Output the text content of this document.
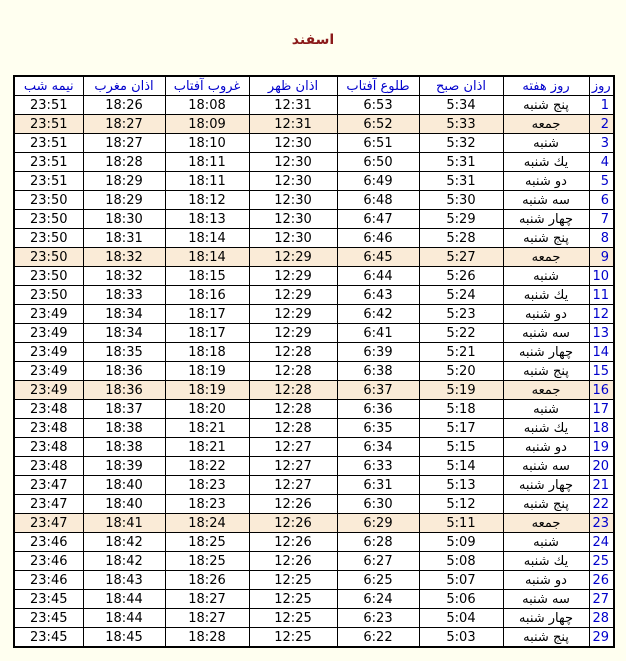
اسفند
روز	روز هفته	اذان صبح	طلوع آفتاب	اذان ظهر	غروب آفتاب	اذان مغرب	نیمه شب
1	پنج شنبه	5:34	6:53	12:31	18:08	18:26	23:51
2	جمعه	5:33	6:52	12:31	18:09	18:27	23:51
3	شنبه	5:32	6:51	12:30	18:10	18:27	23:51
4	يك شنبه	5:31	6:50	12:30	18:11	18:28	23:51
5	دو شنبه	5:31	6:49	12:30	18:11	18:29	23:51
6	سه شنبه	5:30	6:48	12:30	18:12	18:29	23:50
7	چهار شنبه	5:29	6:47	12:30	18:13	18:30	23:50
8	پنج شنبه	5:28	6:46	12:30	18:14	18:31	23:50
9	جمعه	5:27	6:45	12:29	18:14	18:32	23:50
10	شنبه	5:26	6:44	12:29	18:15	18:32	23:50
11	يك شنبه	5:24	6:43	12:29	18:16	18:33	23:50
12	دو شنبه	5:23	6:42	12:29	18:17	18:34	23:49
13	سه شنبه	5:22	6:41	12:29	18:17	18:34	23:49
14	چهار شنبه	5:21	6:39	12:28	18:18	18:35	23:49
15	پنج شنبه	5:20	6:38	12:28	18:19	18:36	23:49
16	جمعه	5:19	6:37	12:28	18:19	18:36	23:49
17	شنبه	5:18	6:36	12:28	18:20	18:37	23:48
18	يك شنبه	5:17	6:35	12:28	18:21	18:38	23:48
19	دو شنبه	5:15	6:34	12:27	18:21	18:38	23:48
20	سه شنبه	5:14	6:33	12:27	18:22	18:39	23:48
21	چهار شنبه	5:13	6:31	12:27	18:23	18:40	23:47
22	پنج شنبه	5:12	6:30	12:26	18:23	18:40	23:47
23	جمعه	5:11	6:29	12:26	18:24	18:41	23:47
24	شنبه	5:09	6:28	12:26	18:25	18:42	23:46
25	يك شنبه	5:08	6:27	12:26	18:25	18:42	23:46
26	دو شنبه	5:07	6:25	12:25	18:26	18:43	23:46
27	سه شنبه	5:06	6:24	12:25	18:27	18:44	23:45
28	چهار شنبه	5:04	6:23	12:25	18:27	18:44	23:45
29	پنج شنبه	5:03	6:22	12:25	18:28	18:45	23:45
